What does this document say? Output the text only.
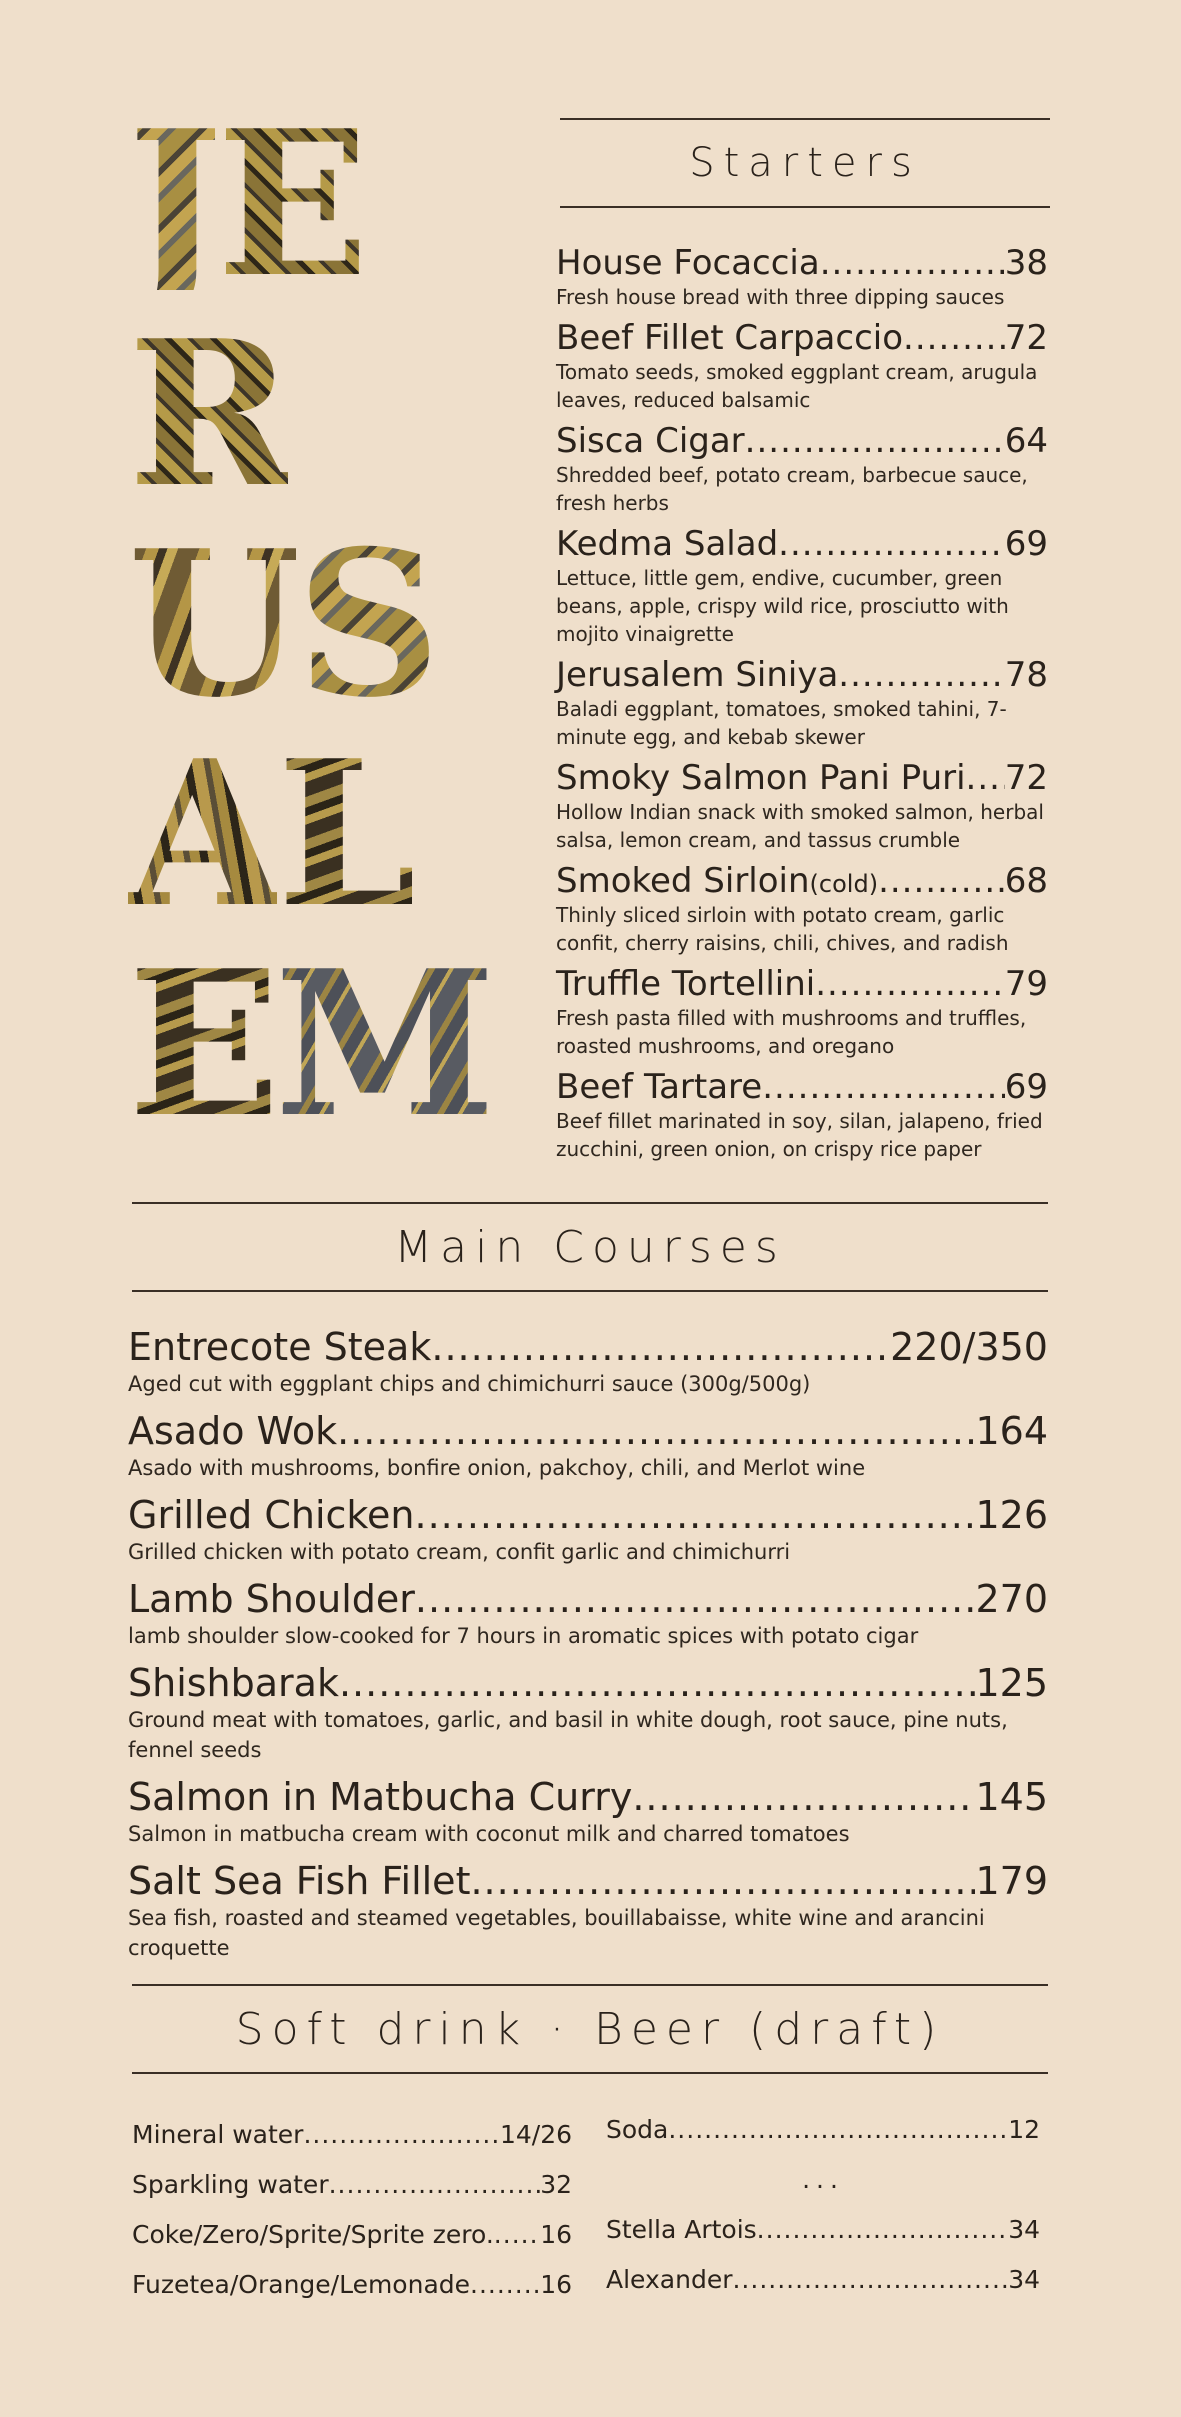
J E
R
U S
A L
E M
Starters
House Focaccia .....	38
Fresh house bread with three dipping sauces
Beef Fillet Carpaccio .....	72
Tomato seeds, smoked eggplant cream, arugula leaves, reduced balsamic
Sisca Cigar .....	64
Shredded beef, potato cream, barbecue sauce, fresh herbs
Kedma Salad .....	69
Lettuce, little gem, endive, cucumber, green beans, apple, crispy wild rice, prosciutto with mojito vinaigrette
Jerusalem Siniya .....	78
Baladi eggplant, tomatoes, smoked tahini, 7-minute egg, and kebab skewer
Smoky Salmon Pani Puri ..... 72
Hollow Indian snack with smoked salmon, herbal salsa, lemon cream, and tassus crumble
Smoked Sirloin (cold) .....	68
Thinly sliced sirloin with potato cream, garlic confit, cherry raisins, chili, chives, and radish
Truffle Tortellini .....	79
Fresh pasta filled with mushrooms and truffles, roasted mushrooms, and oregano
Beef Tartare .....	69
Beef fillet marinated in soy, silan, jalapeno, fried zucchini, green onion, on crispy rice paper
Main Courses
Entrecote Steak .....	220/350
Aged cut with eggplant chips and chimichurri sauce (300g/500g)
Asado Wok .....	164
Asado with mushrooms, bonfire onion, pakchoy, chili, and Merlot wine
Grilled Chicken .....	126
Grilled chicken with potato cream, confit garlic and chimichurri
Lamb Shoulder .....	270
lamb shoulder slow-cooked for 7 hours in aromatic spices with potato cigar
Shishbarak .....	125
Ground meat with tomatoes, garlic, and basil in white dough, root sauce, pine nuts, fennel seeds
Salmon in Matbucha Curry .....	145
Salmon in matbucha cream with coconut milk and charred tomatoes
Salt Sea Fish Fillet .....	179
Sea fish, roasted and steamed vegetables, bouillabaisse, white wine and arancini croquette
Soft drink · Beer (draft)
Mineral water .....	14/26
Sparkling water .....	32
Coke/Zero/Sprite/Sprite zero. ..... 16
Fuzetea/Orange/Lemonade .....	16
Soda .....	12
...
Stella Artois .....	34
Alexander .....	34
